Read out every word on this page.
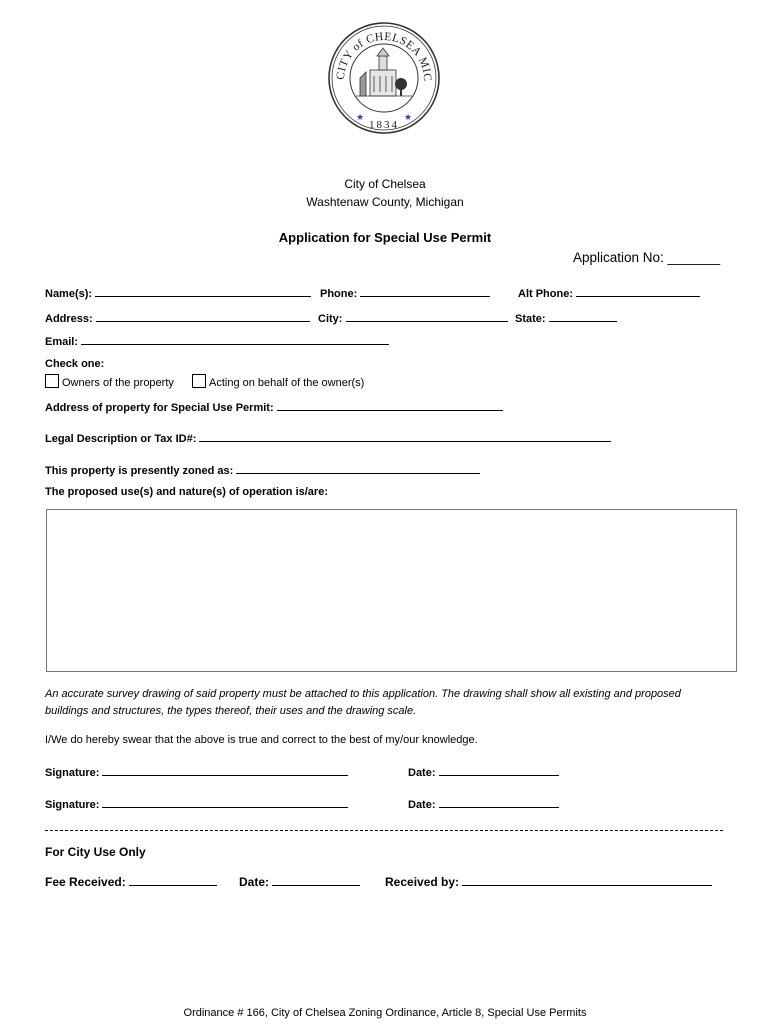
CITY of CHELSEA MIC
1834
★	★
City of Chelsea
Washtenaw County, Michigan
Application for Special Use Permit
Application No: _______
Name(s):	Phone:	Alt Phone:
Address:	City:	State:
Email:
Check one:
Owners of the property	Acting on behalf of the owner(s)
Address of property for Special Use Permit:
Legal Description or Tax ID#:
This property is presently zoned as:
The proposed use(s) and nature(s) of operation is/are:
An accurate survey drawing of said property must be attached to this application. The drawing shall show all existing and proposed
buildings and structures, the types thereof, their uses and the drawing scale.
I/We do hereby swear that the above is true and correct to the best of my/our knowledge.
Signature:	Date:
Signature:	Date:
For City Use Only
Fee Received:	Date:	Received by:
Ordinance # 166, City of Chelsea Zoning Ordinance, Article 8, Special Use Permits
